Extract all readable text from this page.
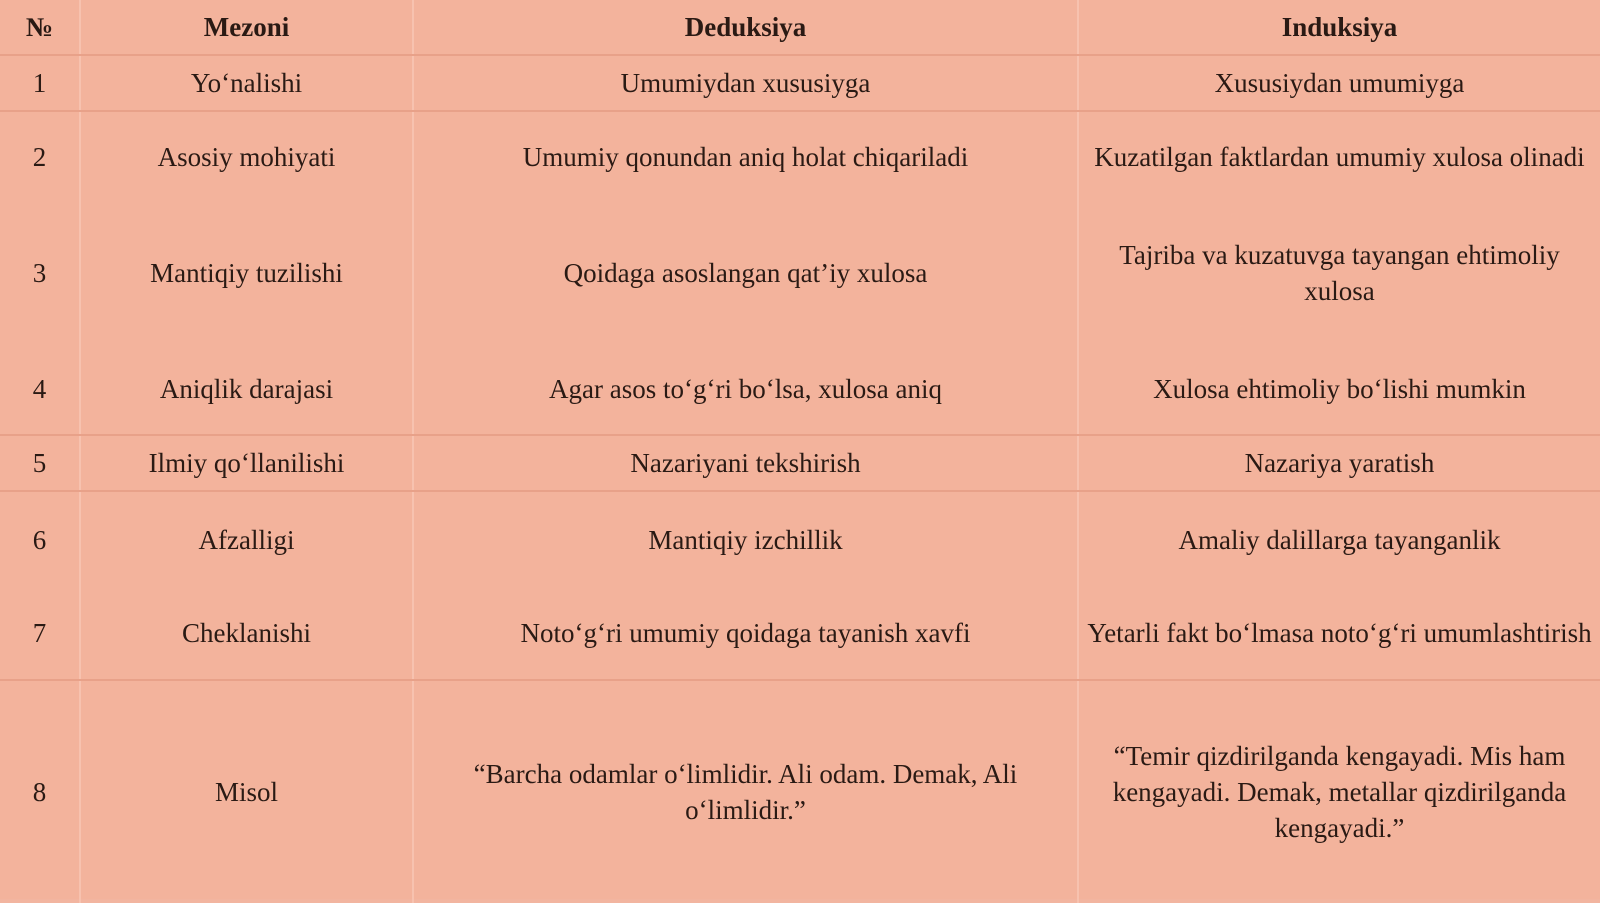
№	Mezoni	Deduksiya	Induksiya
1	Yo‘nalishi	Umumiydan xususiyga	Xususiydan umumiyga
2	Asosiy mohiyati	Umumiy qonundan aniq holat chiqariladi	Kuzatilgan faktlardan umumiy xulosa olinadi
3	Mantiqiy tuzilishi	Qoidaga asoslangan qat’iy xulosa	Tajriba va kuzatuvga tayangan ehtimoliy xulosa
4	Aniqlik darajasi	Agar asos to‘g‘ri bo‘lsa, xulosa aniq	Xulosa ehtimoliy bo‘lishi mumkin
5	Ilmiy qo‘llanilishi	Nazariyani tekshirish	Nazariya yaratish
6	Afzalligi	Mantiqiy izchillik	Amaliy dalillarga tayanganlik
7	Cheklanishi	Noto‘g‘ri umumiy qoidaga tayanish xavfi	Yetarli fakt bo‘lmasa noto‘g‘ri umumlashtirish
8	Misol	“Barcha odamlar o‘limlidir. Ali odam. Demak, Ali o‘limlidir.”	“Temir qizdirilganda kengayadi. Mis ham kengayadi. Demak, metallar qizdirilganda kengayadi.”
